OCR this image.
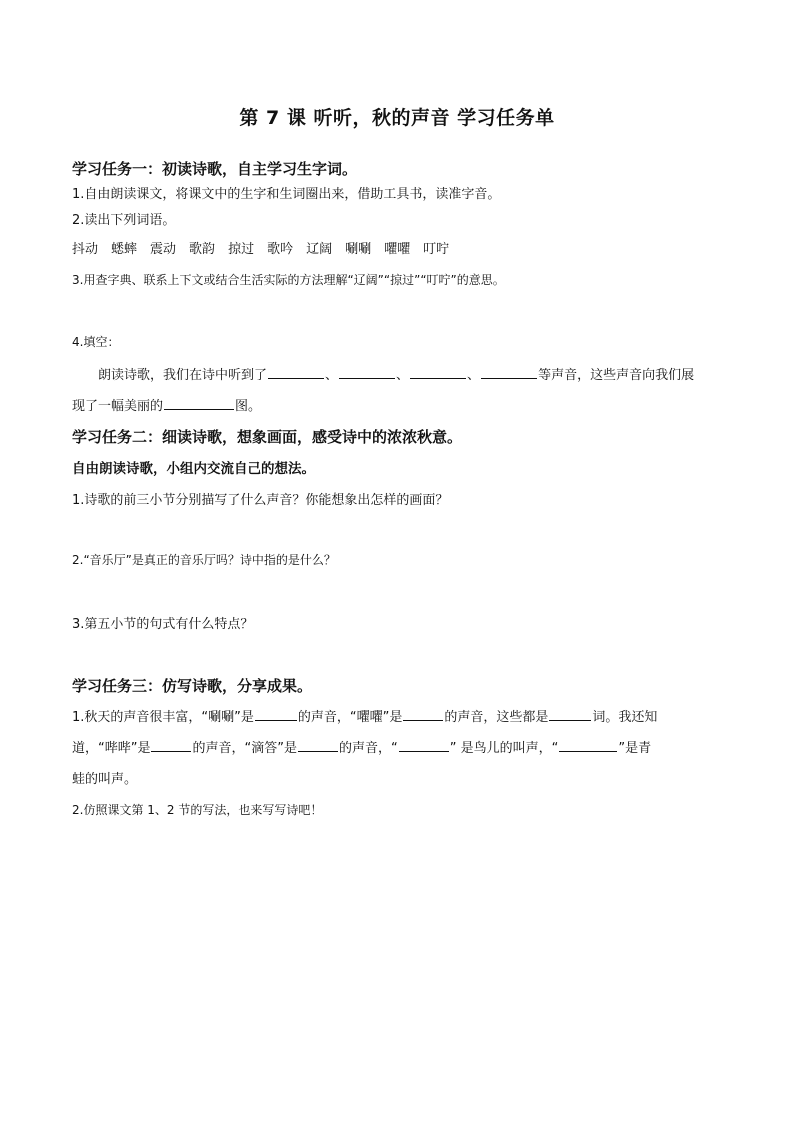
第 7 课 听听，秋的声音 学习任务单
学习任务一：初读诗歌，自主学习生字词。
1.自由朗读课文，将课文中的生字和生词圈出来，借助工具书，读准字音。
2.读出下列词语。
抖动 蟋蟀 震动 歌韵 掠过 歌吟 辽阔 唰唰 㘗㘗 叮咛
3.用查字典、联系上下文或结合生活实际的方法理解“辽阔”“掠过”“叮咛”的意思。
4.填空：
朗读诗歌，我们在诗中听到了	、	、	、	等声音，这些声音向我们展
现了一幅美丽的	图。
学习任务二：细读诗歌，想象画面，感受诗中的浓浓秋意。
自由朗读诗歌，小组内交流自己的想法。
1.诗歌的前三小节分别描写了什么声音？你能想象出怎样的画面？
2.“音乐厅”是真正的音乐厅吗？诗中指的是什么？
3.第五小节的句式有什么特点？
学习任务三：仿写诗歌，分享成果。
1.秋天的声音很丰富，“唰唰”是	的声音，“㘗㘗”是	的声音，这些都是	词。我还知
道，“哔哔”是	的声音，“滴答”是	的声音，“	” 是鸟儿的叫声，“	”是青
蛙的叫声。
2.仿照课文第 1、2 节的写法，也来写写诗吧！
